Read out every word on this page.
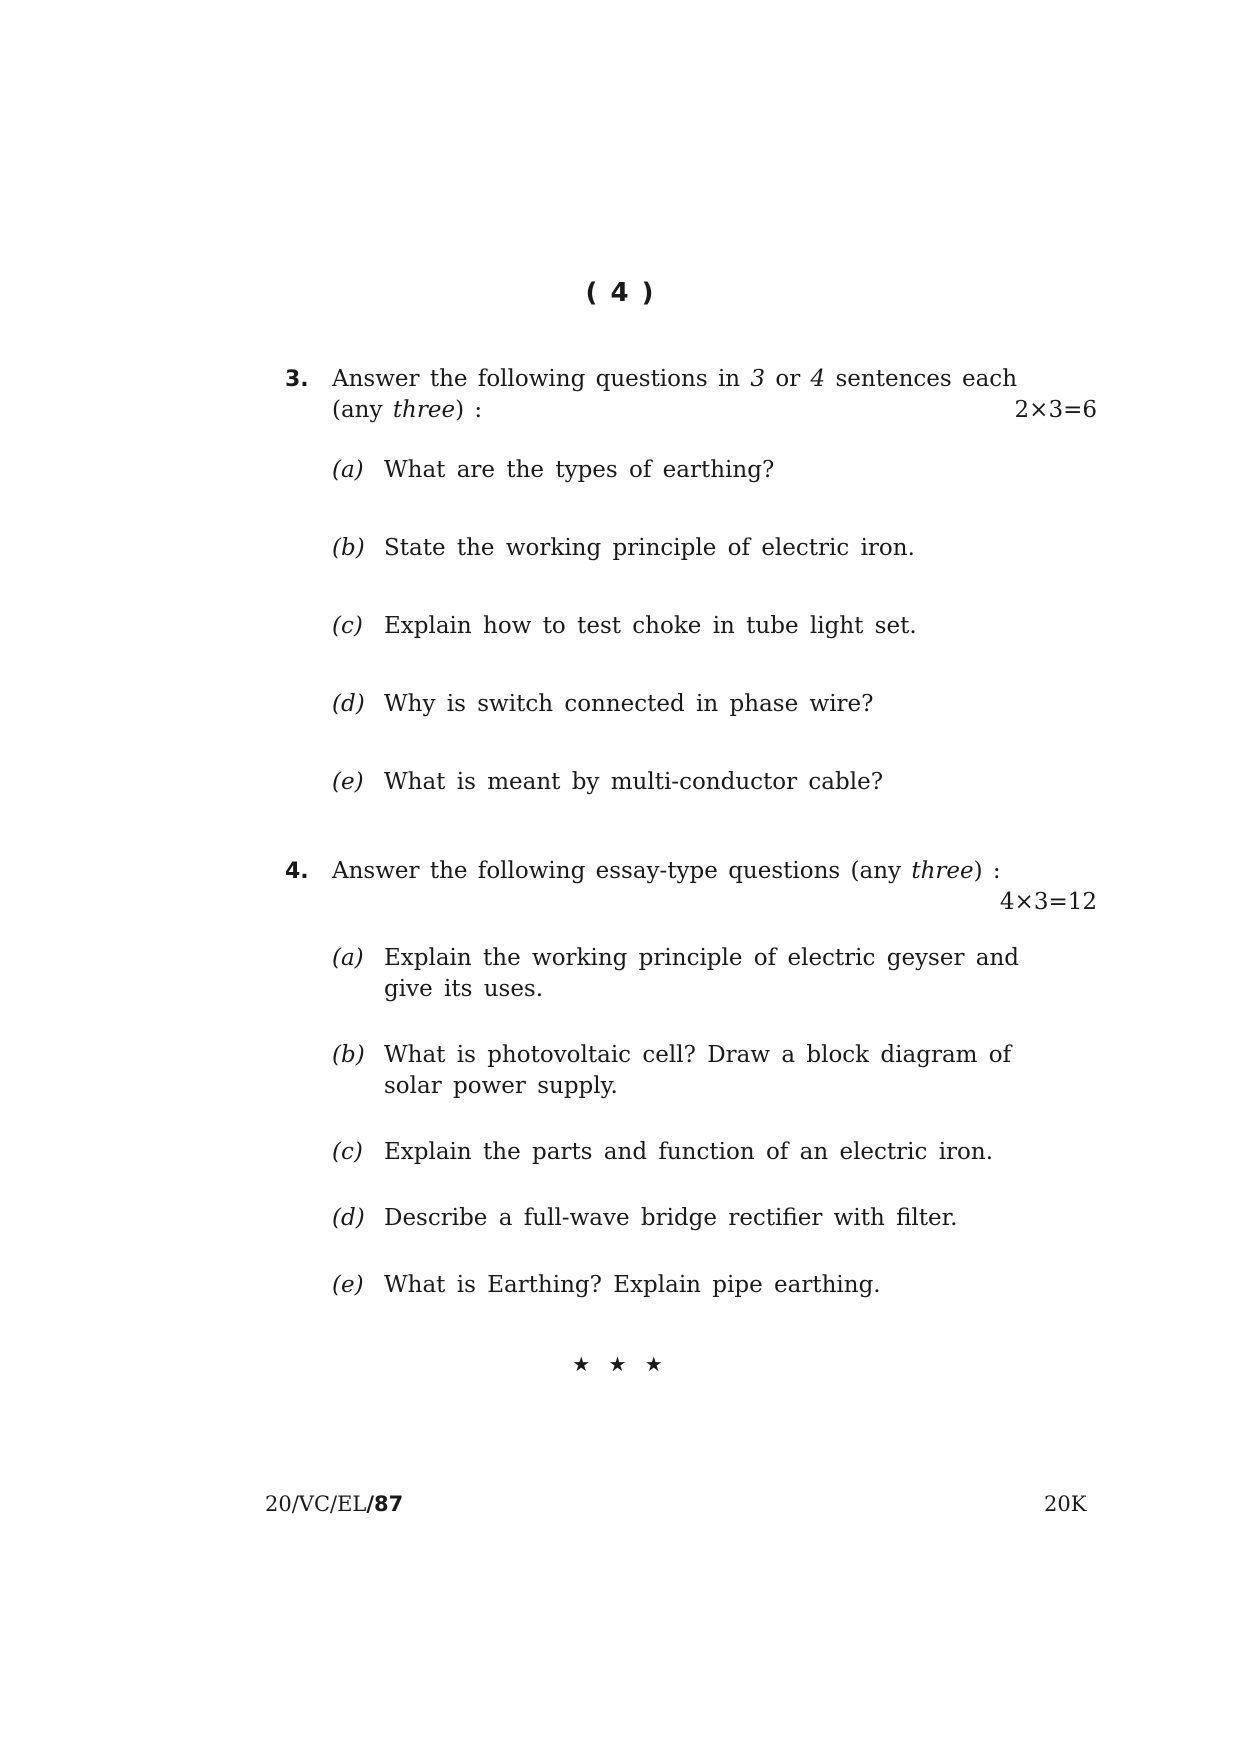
( 4 )
3. Answer the following questions in 3 or 4 sentences each
(any three) :	2×3=6
(a) What are the types of earthing?
(b) State the working principle of electric iron.
(c) Explain how to test choke in tube light set.
(d) Why is switch connected in phase wire?
(e) What is meant by multi-conductor cable?
4. Answer the following essay-type questions (any three) :
4×3=12
(a) Explain the working principle of electric geyser and
give its uses.
(b) What is photovoltaic cell? Draw a block diagram of
solar power supply.
(c) Explain the parts and function of an electric iron.
(d) Describe a full-wave bridge rectifier with filter.
(e) What is Earthing? Explain pipe earthing.
★ ★ ★
20/VC/EL/87	20K
